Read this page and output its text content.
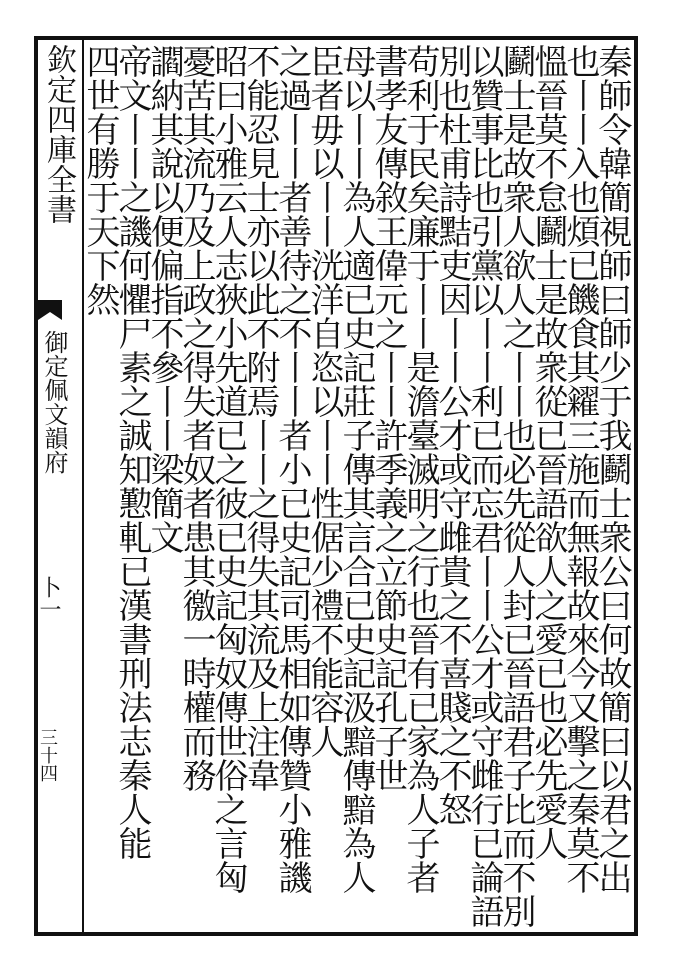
欽定四庫全書
御定佩文韻府
卜一
三十四	秦師令韓簡視師曰師少于我鬬士衆公曰何故簡曰以君之出
也丨丨入也煩已饑食其糴三施而無報故來今又擊之秦莫不
慍晉莫不怠鬬士是故衆從已晉語欲人之愛已也必先愛人
鬬士是故衆人欲人之丨丨也必先從人封已晉語君子比而不別
以贊事比也引黨以丨丨利已而忘君丨丨公才或守雌行已論語
別也杜甫詩黠吏因丨丨公才或守雌貴之不喜賤之不怒
苟利于民矣廉于丨丨是澹臺滅明之行也晉有已家為人子者
書孝友傳敘王偉元之丨丨許季義之立節史記孔子世
母以丨丨為人適已史記莊子傳其言合已史記汲黯傳黯為人
臣者毋以丨丨洸洋自恣以丨丨性倨少禮不能容人
之過丨丨者善待之不丨丨者小已史記司馬相如傳贊小雅譏
不能忍見士亦以此不附焉丨丨之得失其流及上注韋
昭曰小雅云人志狹小先道已之彼已史記匈奴傳世俗之言匈
憂苦其流乃及上政之得失者奴者患其徼一時權而務
讇納其說以便偏指不參丨丨梁簡文
帝文丨丨之譏何懼尸素之誠知懃軋已漢書刑法志秦人能
四世有勝于天下然
